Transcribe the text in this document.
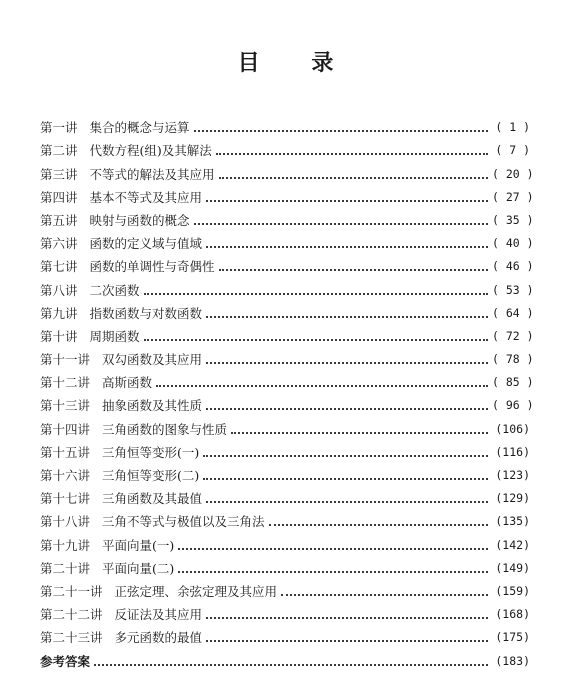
目 录
第一讲 集合的概念与运算	( 1 )
第二讲 代数方程(组)及其解法	( 7 )
第三讲 不等式的解法及其应用	( 20 )
第四讲 基本不等式及其应用	( 27 )
第五讲 映射与函数的概念	( 35 )
第六讲 函数的定义域与值域	( 40 )
第七讲 函数的单调性与奇偶性	( 46 )
第八讲 二次函数	( 53 )
第九讲 指数函数与对数函数	( 64 )
第十讲 周期函数	( 72 )
第十一讲 双勾函数及其应用	( 78 )
第十二讲 高斯函数	( 85 )
第十三讲 抽象函数及其性质	( 96 )
第十四讲 三角函数的图象与性质	(106)
第十五讲 三角恒等变形(一)	(116)
第十六讲 三角恒等变形(二)	(123)
第十七讲 三角函数及其最值	(129)
第十八讲 三角不等式与极值以及三角法	(135)
第十九讲 平面向量(一)	(142)
第二十讲 平面向量(二)	(149)
第二十一讲 正弦定理、余弦定理及其应用	(159)
第二十二讲 反证法及其应用	(168)
第二十三讲 多元函数的最值	(175)
参考答案	(183)
